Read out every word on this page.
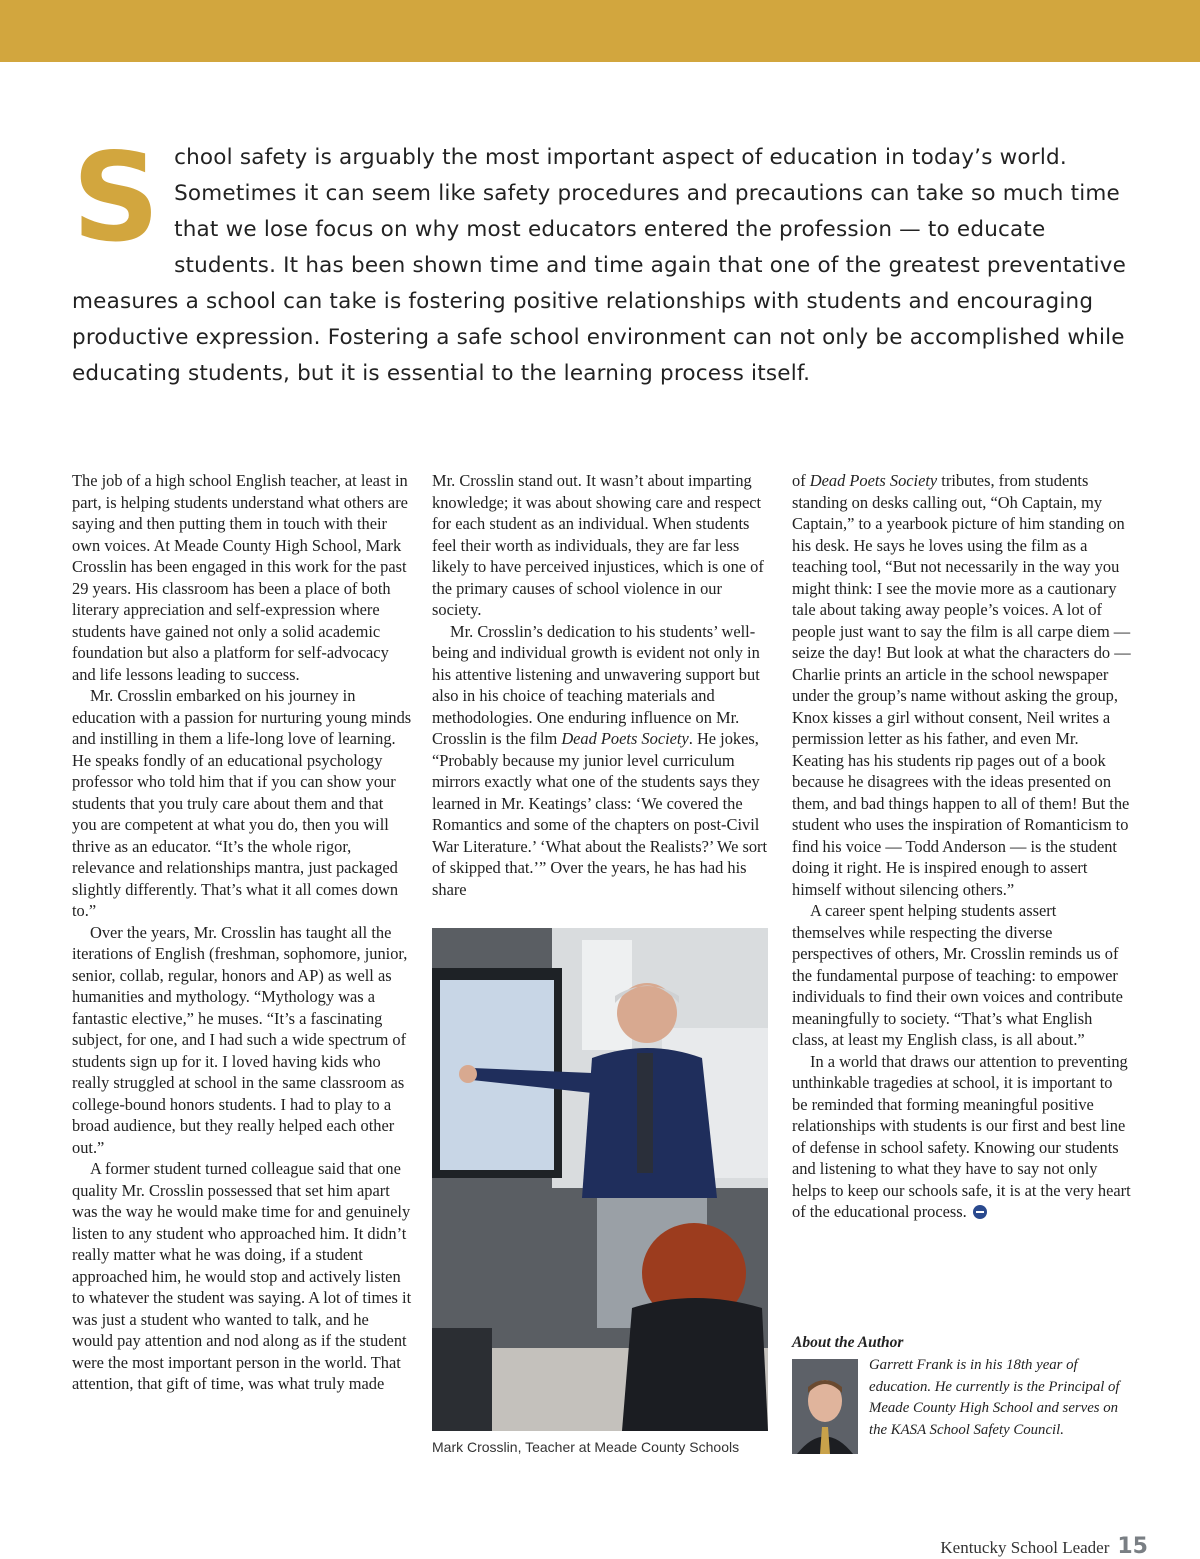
School safety is arguably the most important aspect of education in today’s world. Sometimes it can seem like safety procedures and precautions can take so much time that we lose focus on why most educators entered the profession — to educate students. It has been shown time and time again that one of the greatest preventative measures a school can take is fostering positive relationships with students and encouraging productive expression. Fostering a safe school environment can not only be accomplished while educating students, but it is essential to the learning process itself.

The job of a high school English teacher, at least in part, is helping students understand what others are saying and then putting them in touch with their own voices. At Meade County High School, Mark Crosslin has been engaged in this work for the past 29 years. His classroom has been a place of both literary appreciation and self-expression where students have gained not only a solid academic foundation but also a platform for self-advocacy and life lessons leading to success.

Mr. Crosslin embarked on his journey in education with a passion for nurturing young minds and instilling in them a life-long love of learning. He speaks fondly of an educational psychology professor who told him that if you can show your students that you truly care about them and that you are competent at what you do, then you will thrive as an educator. “It’s the whole rigor, relevance and relationships mantra, just packaged slightly differently. That’s what it all comes down to.”

Over the years, Mr. Crosslin has taught all the iterations of English (freshman, sophomore, junior, senior, collab, regular, honors and AP) as well as humanities and mythology. “Mythology was a fantastic elective,” he muses. “It’s a fascinating subject, for one, and I had such a wide spectrum of students sign up for it. I loved having kids who really struggled at school in the same classroom as college-bound honors students. I had to play to a broad audience, but they really helped each other out.”

A former student turned colleague said that one quality Mr. Crosslin possessed that set him apart was the way he would make time for and genuinely listen to any student who approached him. It didn’t really matter what he was doing, if a student approached him, he would stop and actively listen to whatever the student was saying. A lot of times it was just a student who wanted to talk, and he would pay attention and nod along as if the student were the most important person in the world. That attention, that gift of time, was what truly made

Mr. Crosslin stand out. It wasn’t about imparting knowledge; it was about showing care and respect for each student as an individual. When students feel their worth as individuals, they are far less likely to have perceived injustices, which is one of the primary causes of school violence in our society.

Mr. Crosslin’s dedication to his students’ well-being and individual growth is evident not only in his attentive listening and unwavering support but also in his choice of teaching materials and methodologies. One enduring influence on Mr. Crosslin is the film Dead Poets Society. He jokes, “Probably because my junior level curriculum mirrors exactly what one of the students says they learned in Mr. Keatings’ class: ‘We covered the Romantics and some of the chapters on post-Civil War Literature.’ ‘What about the Realists?’ We sort of skipped that.’” Over the years, he has had his share

Mark Crosslin, Teacher at Meade County Schools

of Dead Poets Society tributes, from students standing on desks calling out, “Oh Captain, my Captain,” to a yearbook picture of him standing on his desk. He says he loves using the film as a teaching tool, “But not necessarily in the way you might think: I see the movie more as a cautionary tale about taking away people’s voices. A lot of people just want to say the film is all carpe diem — seize the day! But look at what the characters do — Charlie prints an article in the school newspaper under the group’s name without asking the group, Knox kisses a girl without consent, Neil writes a permission letter as his father, and even Mr. Keating has his students rip pages out of a book because he disagrees with the ideas presented on them, and bad things happen to all of them! But the student who uses the inspiration of Romanticism to find his voice — Todd Anderson — is the student doing it right. He is inspired enough to assert himself without silencing others.”

A career spent helping students assert themselves while respecting the diverse perspectives of others, Mr. Crosslin reminds us of the fundamental purpose of teaching: to empower individuals to find their own voices and contribute meaningfully to society. “That’s what English class, at least my English class, is all about.”

In a world that draws our attention to preventing unthinkable tragedies at school, it is important to be reminded that forming meaningful positive relationships with students is our first and best line of defense in school safety. Knowing our students and listening to what they have to say not only helps to keep our schools safe, it is at the very heart of the educational process.

About the Author
Garrett Frank is in his 18th year of education. He currently is the Principal of Meade County High School and serves on the KASA School Safety Council.
Kentucky School Leader 15
